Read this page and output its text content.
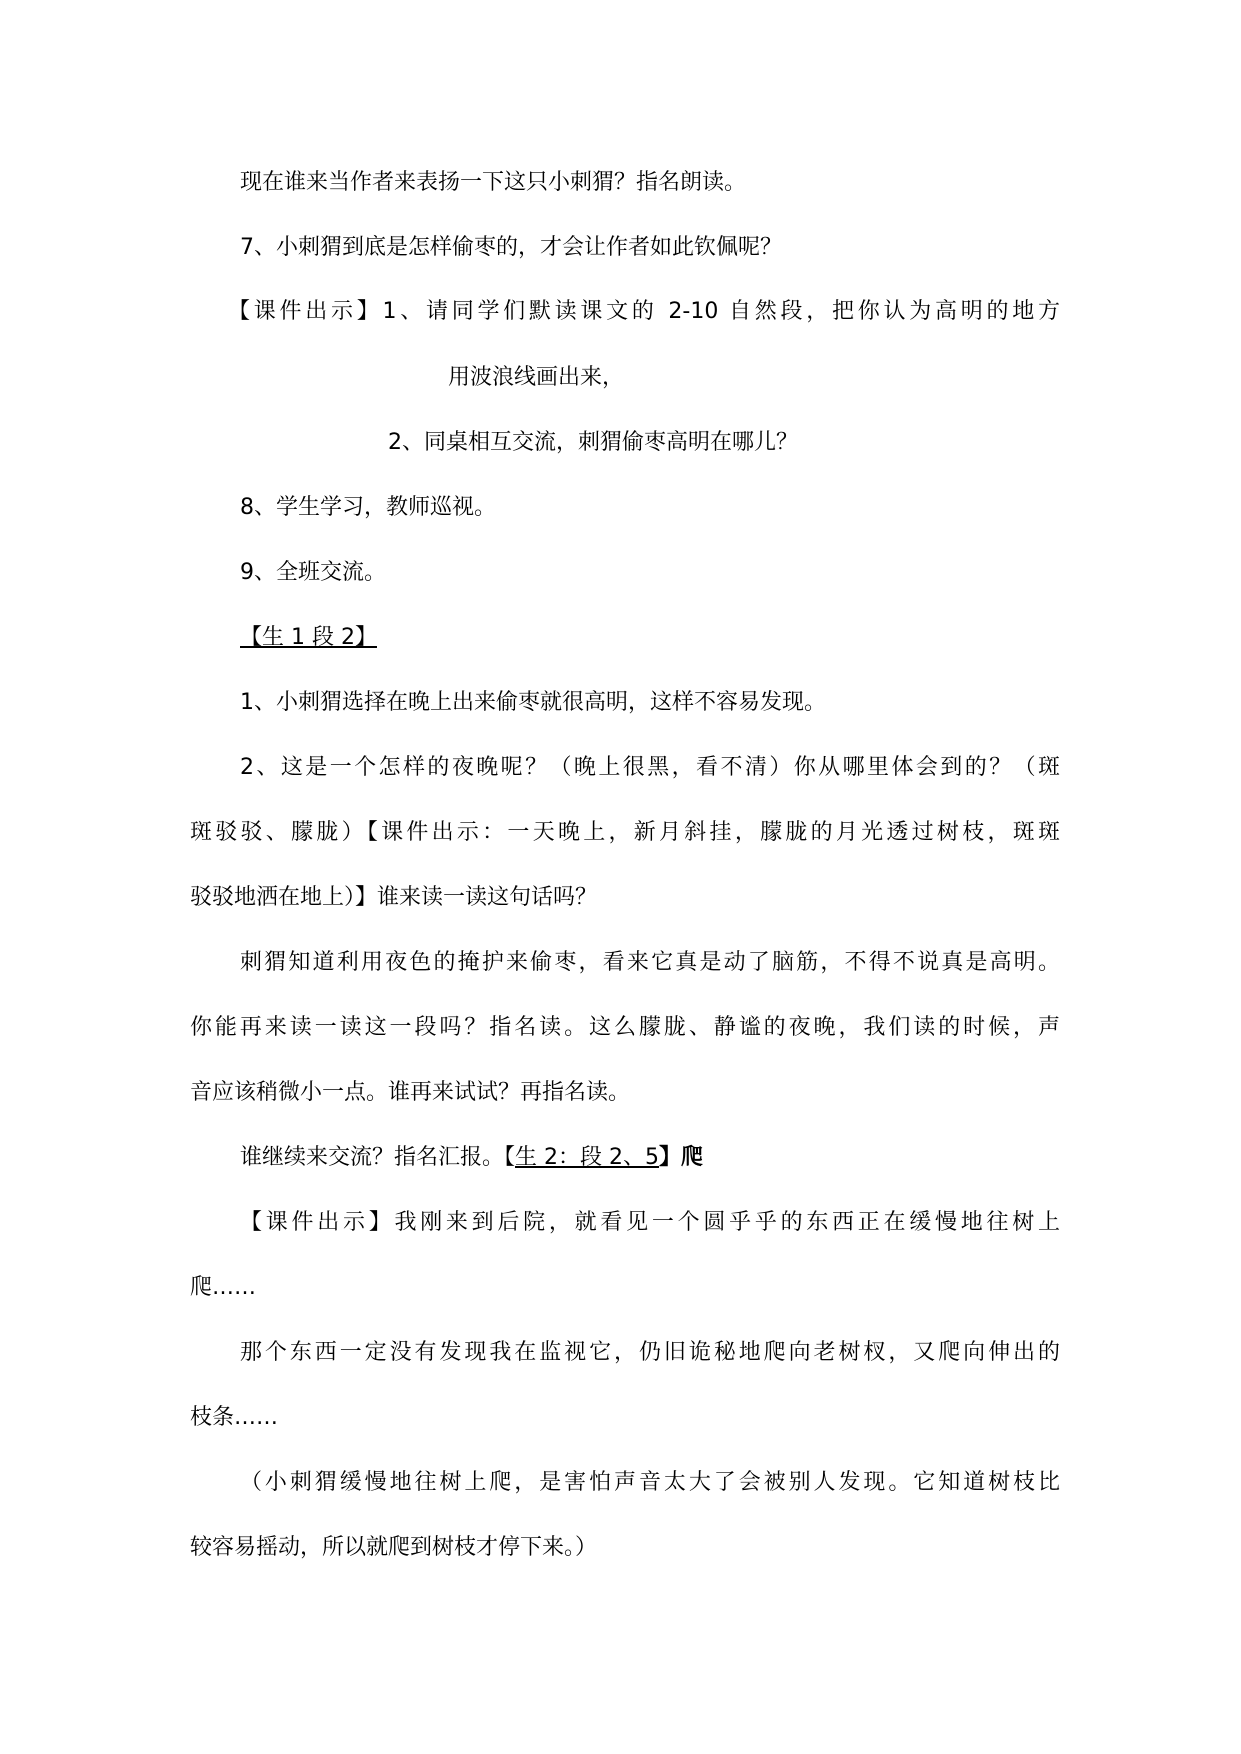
现在谁来当作者来表扬一下这只小刺猬？指名朗读。
7、小刺猬到底是怎样偷枣的，才会让作者如此钦佩呢？
【课件出示】1、请同学们默读课文的 2-10 自然段，把你认为高明的地方
用波浪线画出来，
2、同桌相互交流，刺猬偷枣高明在哪儿？
8、学生学习，教师巡视。
9、全班交流。
【生 1 段 2】
1、小刺猬选择在晚上出来偷枣就很高明，这样不容易发现。
2、这是一个怎样的夜晚呢？（晚上很黑，看不清）你从哪里体会到的？（斑
斑驳驳、朦胧）【课件出示：一天晚上，新月斜挂，朦胧的月光透过树枝，斑斑
驳驳地洒在地上）】谁来读一读这句话吗？
刺猬知道利用夜色的掩护来偷枣，看来它真是动了脑筋，不得不说真是高明。
你能再来读一读这一段吗？指名读。这么朦胧、静谧的夜晚，我们读的时候，声
音应该稍微小一点。谁再来试试？再指名读。
谁继续来交流？指名汇报。【生 2：段 2、5】爬
【课件出示】我刚来到后院，就看见一个圆乎乎的东西正在缓慢地往树上
爬……
那个东西一定没有发现我在监视它，仍旧诡秘地爬向老树杈，又爬向伸出的
枝条……
（小刺猬缓慢地往树上爬，是害怕声音太大了会被别人发现。它知道树枝比
较容易摇动，所以就爬到树枝才停下来。）
